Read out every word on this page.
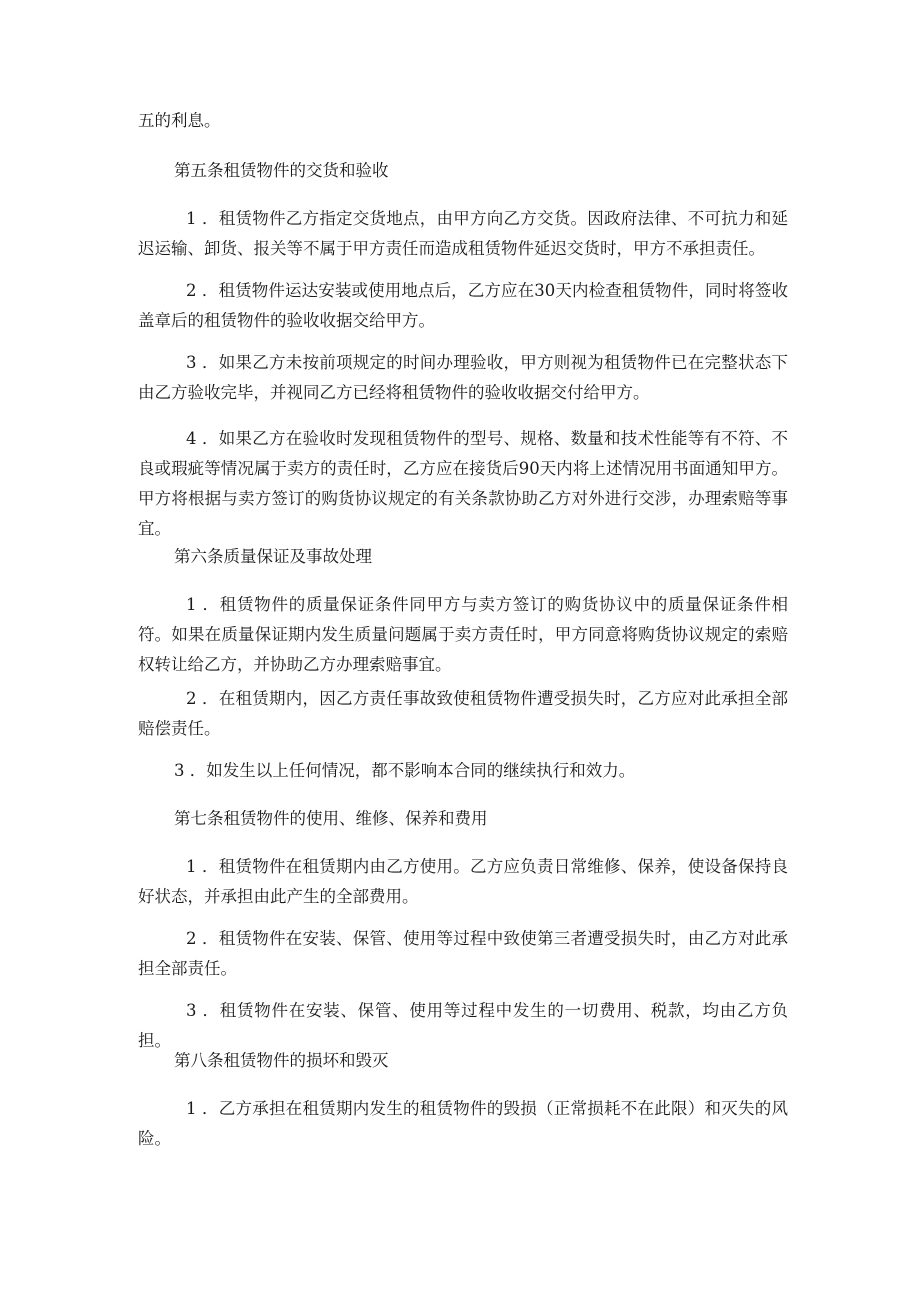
五的利息。

第五条租赁物件的交货和验收

1 ．租赁物件乙方指定交货地点，由甲方向乙方交货。因政府法律、不可抗力和延迟运输、卸货、报关等不属于甲方责任而造成租赁物件延迟交货时，甲方不承担责任。

2 ．租赁物件运达安装或使用地点后，乙方应在30天内检查租赁物件，同时将签收盖章后的租赁物件的验收收据交给甲方。

3 ．如果乙方未按前项规定的时间办理验收，甲方则视为租赁物件已在完整状态下由乙方验收完毕，并视同乙方已经将租赁物件的验收收据交付给甲方。

4 ．如果乙方在验收时发现租赁物件的型号、规格、数量和技术性能等有不符、不良或瑕疵等情况属于卖方的责任时，乙方应在接货后90天内将上述情况用书面通知甲方。甲方将根据与卖方签订的购货协议规定的有关条款协助乙方对外进行交涉，办理索赔等事宜。

第六条质量保证及事故处理

1 ．租赁物件的质量保证条件同甲方与卖方签订的购货协议中的质量保证条件相符。如果在质量保证期内发生质量问题属于卖方责任时，甲方同意将购货协议规定的索赔权转让给乙方，并协助乙方办理索赔事宜。

2 ．在租赁期内，因乙方责任事故致使租赁物件遭受损失时，乙方应对此承担全部赔偿责任。

3 ．如发生以上任何情况，都不影响本合同的继续执行和效力。

第七条租赁物件的使用、维修、保养和费用

1 ．租赁物件在租赁期内由乙方使用。乙方应负责日常维修、保养，使设备保持良好状态，并承担由此产生的全部费用。

2 ．租赁物件在安装、保管、使用等过程中致使第三者遭受损失时，由乙方对此承担全部责任。

3 ．租赁物件在安装、保管、使用等过程中发生的一切费用、税款，均由乙方负担。

第八条租赁物件的损坏和毁灭

1 ．乙方承担在租赁期内发生的租赁物件的毁损（正常损耗不在此限）和灭失的风险。
